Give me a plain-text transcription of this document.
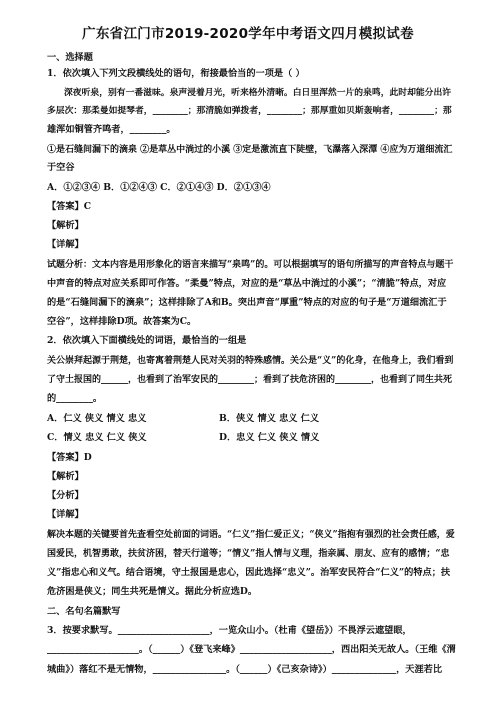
广东省江门市2019-2020学年中考语文四月模拟试卷
一、选择题
1．依次填入下列文段横线处的语句，衔接最恰当的一项是（ ）
深夜听泉，别有一番滋味。泉声浸着月光，听来格外清晰。白日里浑然一片的泉鸣，此时却能分出许
多层次：那柔曼如提琴者，________；那清脆如弹拨者，________；那厚重如贝斯轰响者，________；那
雄浑如铜管齐鸣者，________。
①是石缝间漏下的滴泉 ②是草丛中淌过的小溪 ③定是激流直下陡壁，飞瀑落入深潭 ④应为万道细流汇
于空谷
A．①②③④ B．①②④③ C．②①④③ D．②①③④
【答案】C
【解析】
【详解】
试题分析：文本内容是用形象化的语言来描写“泉鸣”的。可以根据填写的语句所描写的声音特点与题干
中声音的特点对应关系即可作答。“柔曼”特点，对应的是“草丛中淌过的小溪”；“清脆”特点，对应
的是“石缝间漏下的滴泉”；这样排除了A和B。突出声音“厚重”特点的对应的句子是“万道细流汇于
空谷”，这样排除D项。故答案为C。
2．依次填入下面横线处的词语，最恰当的一组是
关公崇拜起源于荆楚，也寄寓着荆楚人民对关羽的特殊感情。关公是“义”的化身，在他身上，我们看到
了守土报国的______，也看到了治军安民的________；看到了扶危济困的________，也看到了同生共死
的________。
A．仁义 侠义 情义 忠义	B．侠义 情义 忠义 仁义
C．情义 忠义 仁义 侠义	D．忠义 仁义 侠义 情义
【答案】D
【解析】
【分析】
【详解】
解决本题的关键要首先查看空处前面的词语。“仁义”指仁爱正义；“侠义”指抱有强烈的社会责任感，爱
国爱民，机智勇敢，扶贫济困，替天行道等；“情义”指人情与义理，指亲属、朋友、应有的感情；“忠
义”指忠心和义气。结合语境，守土报国是忠心，因此选择“忠义”。治军安民符合“仁义”的特点；扶
危济困是侠义；同生共死是情义。据此分析应选D。
二、名句名篇默写
3．按要求默写。____________________，一览众山小。（杜甫《望岳》）不畏浮云遮望眼，
____________________。（______）《登飞来峰》____________________，西出阳关无故人。（王维《渭
城曲》）落红不是无情物，________________。（______）《己亥杂诗》）______________，天涯若比
